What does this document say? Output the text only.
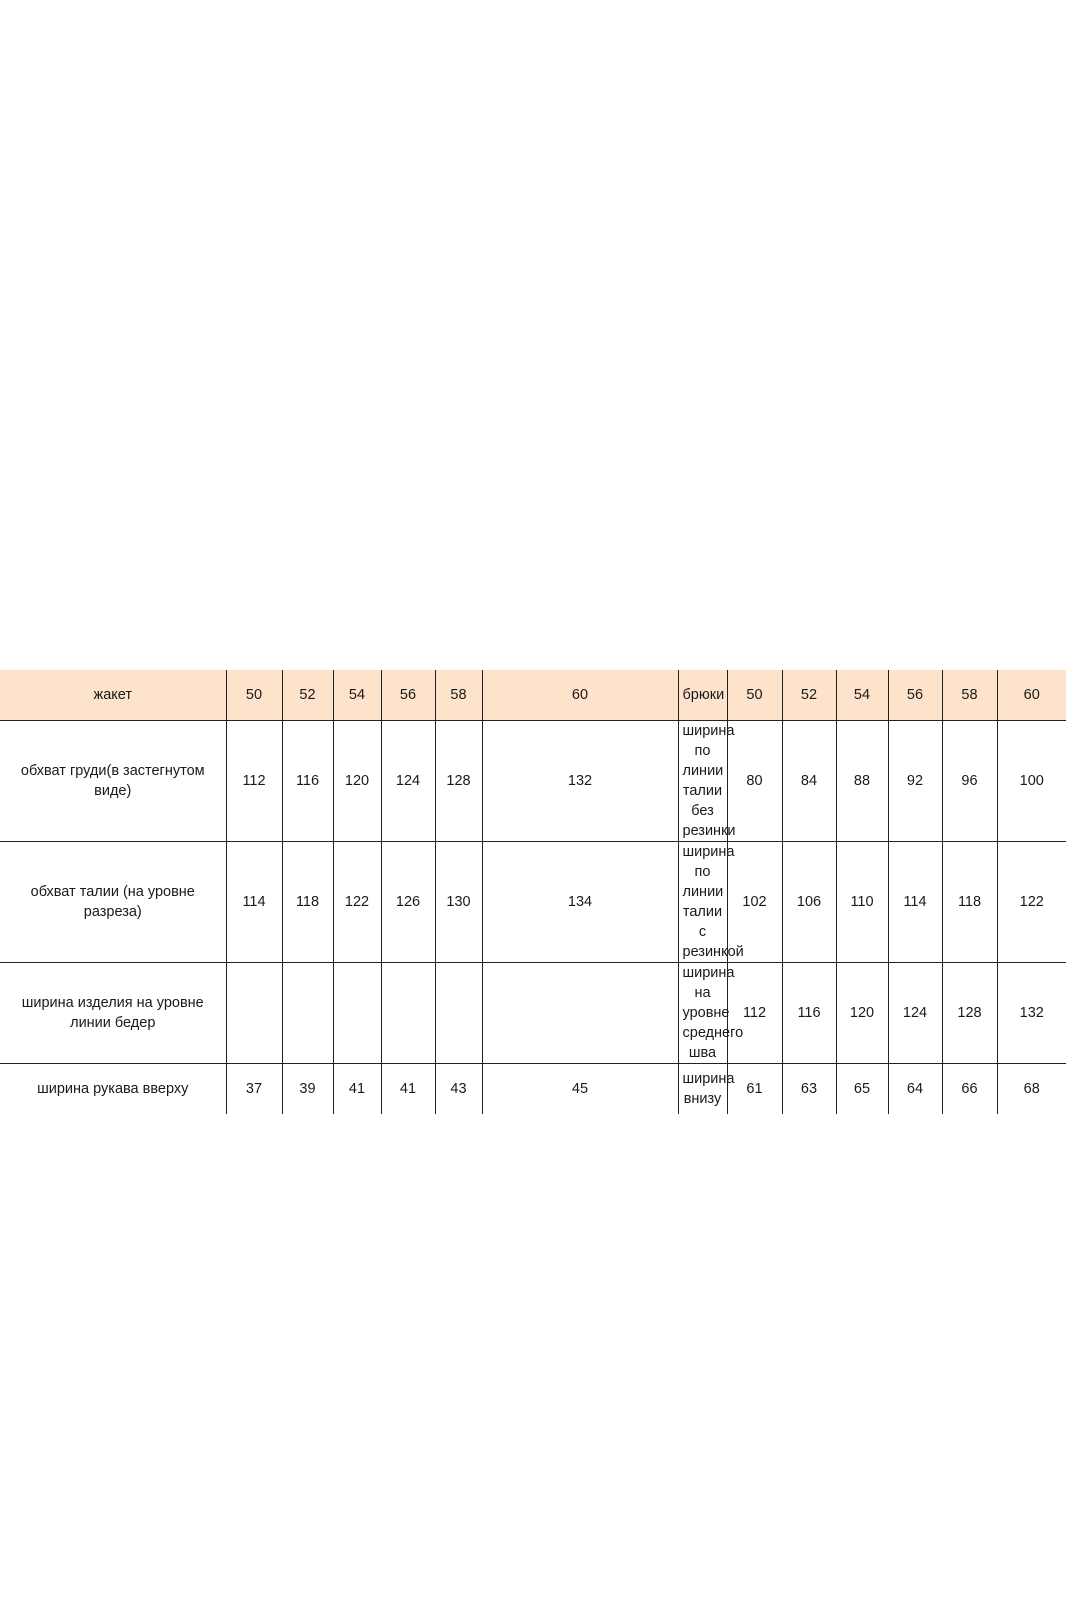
жакет	50	52	54	56	58	60	брюки	50	52	54	56	58	60
обхват груди(в застегнутом виде)	112	116	120	124	128	132	ширина по линии талии без резинки	80	84	88	92	96	100
обхват талии (на уровне разреза)	114	118	122	126	130	134	ширина по линии талии с резинкой	102	106	110	114	118	122
ширина изделия на уровне линии бедер							ширина на уровне среднего шва	112	116	120	124	128	132
ширина рукава вверху	37	39	41	41	43	45	ширина внизу	61	63	65	64	66	68
